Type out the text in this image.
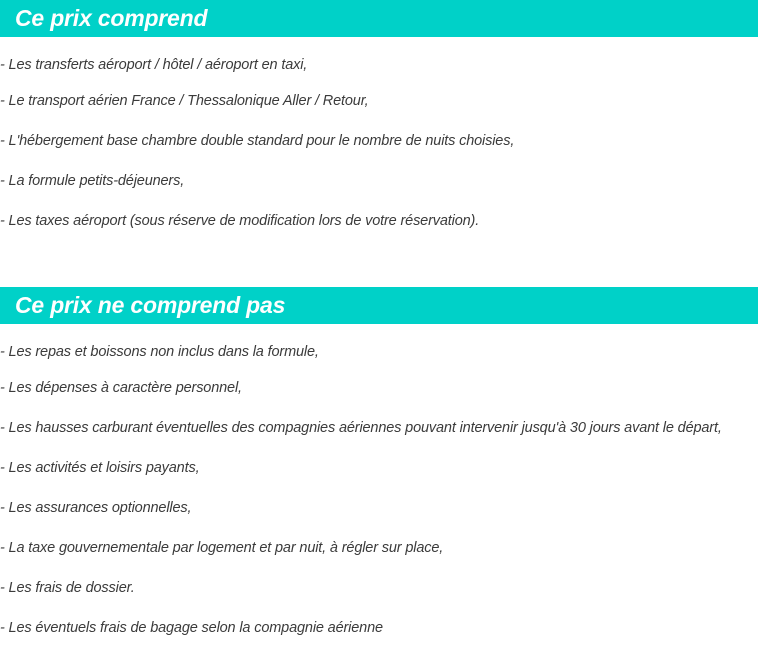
Ce prix comprend
- Les transferts aéroport / hôtel / aéroport en taxi,
- Le transport aérien France / Thessalonique Aller / Retour,
- L'hébergement base chambre double standard pour le nombre de nuits choisies,
- La formule petits-déjeuners,
- Les taxes aéroport (sous réserve de modification lors de votre réservation).
Ce prix ne comprend pas
- Les repas et boissons non inclus dans la formule,
- Les dépenses à caractère personnel,
- Les hausses carburant éventuelles des compagnies aériennes pouvant intervenir jusqu'à 30 jours avant le départ,
- Les activités et loisirs payants,
- Les assurances optionnelles,
- La taxe gouvernementale par logement et par nuit, à régler sur place,
- Les frais de dossier.
- Les éventuels frais de bagage selon la compagnie aérienne
